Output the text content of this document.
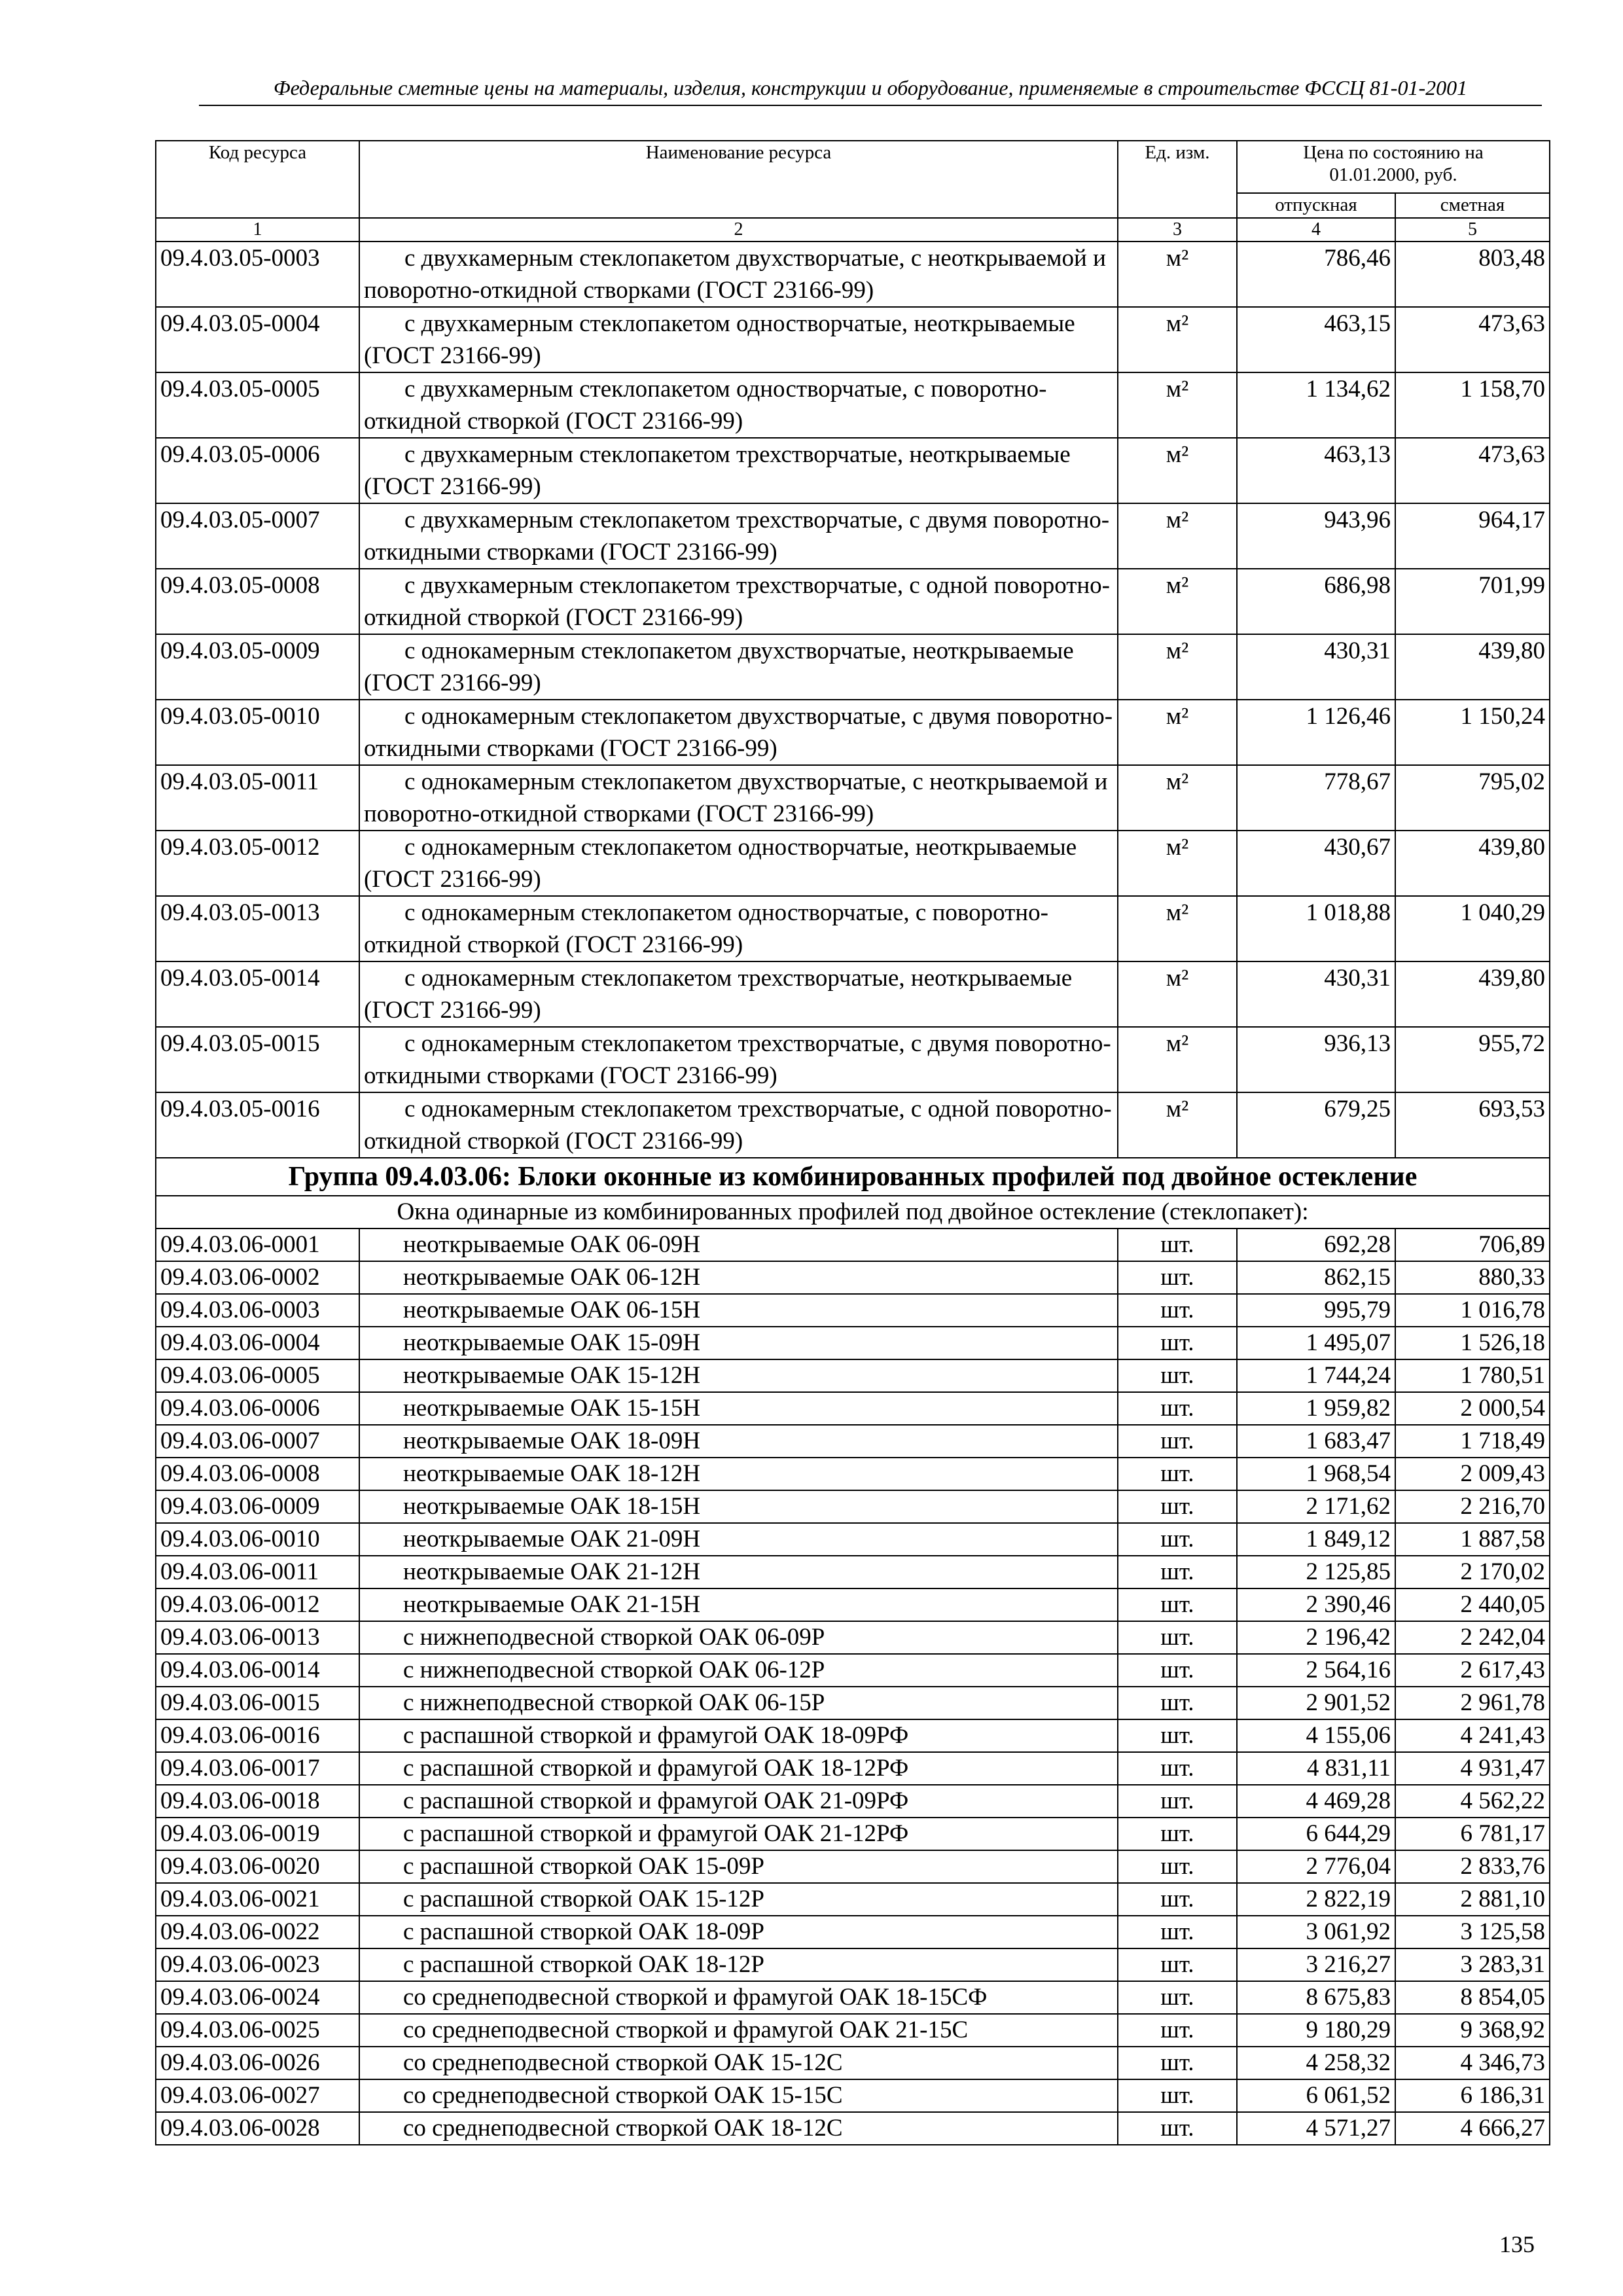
Федеральные сметные цены на материалы, изделия, конструкции и оборудование, применяемые в строительстве ФССЦ 81-01-2001
Код ресурса	Наименование ресурса	Ед. изм.	Цена по состоянию на 01.01.2000, руб.	
			отпускная	сметная
1	2	3	4	5
09.4.03.05-0003	с двухкамерным стеклопакетом двухстворчатые, с неоткрываемой и поворотно-откидной створками (ГОСТ 23166-99)	м²	786,46	803,48
09.4.03.05-0004	с двухкамерным стеклопакетом одностворчатые, неоткрываемые (ГОСТ 23166-99)	м²	463,15	473,63
09.4.03.05-0005	с двухкамерным стеклопакетом одностворчатые, с поворотно- откидной створкой (ГОСТ 23166-99)	м²	1 134,62	1 158,70
09.4.03.05-0006	с двухкамерным стеклопакетом трехстворчатые, неоткрываемые (ГОСТ 23166-99)	м²	463,13	473,63
09.4.03.05-0007	с двухкамерным стеклопакетом трехстворчатые, с двумя поворотно-откидными створками (ГОСТ 23166-99)	м²	943,96	964,17
09.4.03.05-0008	с двухкамерным стеклопакетом трехстворчатые, с одной поворотно-откидной створкой (ГОСТ 23166-99)	м²	686,98	701,99
09.4.03.05-0009	с однокамерным стеклопакетом двухстворчатые, неоткрываемые (ГОСТ 23166-99)	м²	430,31	439,80
09.4.03.05-0010	с однокамерным стеклопакетом двухстворчатые, с двумя поворотно-откидными створками (ГОСТ 23166-99)	м²	1 126,46	1 150,24
09.4.03.05-0011	с однокамерным стеклопакетом двухстворчатые, с неоткрываемой и поворотно-откидной створками (ГОСТ 23166-99)	м²	778,67	795,02
09.4.03.05-0012	с однокамерным стеклопакетом одностворчатые, неоткрываемые (ГОСТ 23166-99)	м²	430,67	439,80
09.4.03.05-0013	с однокамерным стеклопакетом одностворчатые, с поворотно- откидной створкой (ГОСТ 23166-99)	м²	1 018,88	1 040,29
09.4.03.05-0014	с однокамерным стеклопакетом трехстворчатые, неоткрываемые (ГОСТ 23166-99)	м²	430,31	439,80
09.4.03.05-0015	с однокамерным стеклопакетом трехстворчатые, с двумя поворотно-откидными створками (ГОСТ 23166-99)	м²	936,13	955,72
09.4.03.05-0016	с однокамерным стеклопакетом трехстворчатые, с одной поворотно-откидной створкой (ГОСТ 23166-99)	м²	679,25	693,53
Группа 09.4.03.06: Блоки оконные из комбинированных профилей под двойное остекление				
Окна одинарные из комбинированных профилей под двойное остекление (стеклопакет):				
09.4.03.06-0001	неоткрываемые ОАК 06-09Н	шт.	692,28	706,89
09.4.03.06-0002	неоткрываемые ОАК 06-12Н	шт.	862,15	880,33
09.4.03.06-0003	неоткрываемые ОАК 06-15Н	шт.	995,79	1 016,78
09.4.03.06-0004	неоткрываемые ОАК 15-09Н	шт.	1 495,07	1 526,18
09.4.03.06-0005	неоткрываемые ОАК 15-12Н	шт.	1 744,24	1 780,51
09.4.03.06-0006	неоткрываемые ОАК 15-15Н	шт.	1 959,82	2 000,54
09.4.03.06-0007	неоткрываемые ОАК 18-09Н	шт.	1 683,47	1 718,49
09.4.03.06-0008	неоткрываемые ОАК 18-12Н	шт.	1 968,54	2 009,43
09.4.03.06-0009	неоткрываемые ОАК 18-15Н	шт.	2 171,62	2 216,70
09.4.03.06-0010	неоткрываемые ОАК 21-09Н	шт.	1 849,12	1 887,58
09.4.03.06-0011	неоткрываемые ОАК 21-12Н	шт.	2 125,85	2 170,02
09.4.03.06-0012	неоткрываемые ОАК 21-15Н	шт.	2 390,46	2 440,05
09.4.03.06-0013	с нижнеподвесной створкой ОАК 06-09Р	шт.	2 196,42	2 242,04
09.4.03.06-0014	с нижнеподвесной створкой ОАК 06-12Р	шт.	2 564,16	2 617,43
09.4.03.06-0015	с нижнеподвесной створкой ОАК 06-15Р	шт.	2 901,52	2 961,78
09.4.03.06-0016	с распашной створкой и фрамугой ОАК 18-09РФ	шт.	4 155,06	4 241,43
09.4.03.06-0017	с распашной створкой и фрамугой ОАК 18-12РФ	шт.	4 831,11	4 931,47
09.4.03.06-0018	с распашной створкой и фрамугой ОАК 21-09РФ	шт.	4 469,28	4 562,22
09.4.03.06-0019	с распашной створкой и фрамугой ОАК 21-12РФ	шт.	6 644,29	6 781,17
09.4.03.06-0020	с распашной створкой ОАК 15-09Р	шт.	2 776,04	2 833,76
09.4.03.06-0021	с распашной створкой ОАК 15-12Р	шт.	2 822,19	2 881,10
09.4.03.06-0022	с распашной створкой ОАК 18-09Р	шт.	3 061,92	3 125,58
09.4.03.06-0023	с распашной створкой ОАК 18-12Р	шт.	3 216,27	3 283,31
09.4.03.06-0024	со среднеподвесной створкой и фрамугой ОАК 18-15СФ	шт.	8 675,83	8 854,05
09.4.03.06-0025	со среднеподвесной створкой и фрамугой ОАК 21-15С	шт.	9 180,29	9 368,92
09.4.03.06-0026	со среднеподвесной створкой ОАК 15-12С	шт.	4 258,32	4 346,73
09.4.03.06-0027	со среднеподвесной створкой ОАК 15-15С	шт.	6 061,52	6 186,31
09.4.03.06-0028	со среднеподвесной створкой ОАК 18-12С	шт.	4 571,27	4 666,27
135
